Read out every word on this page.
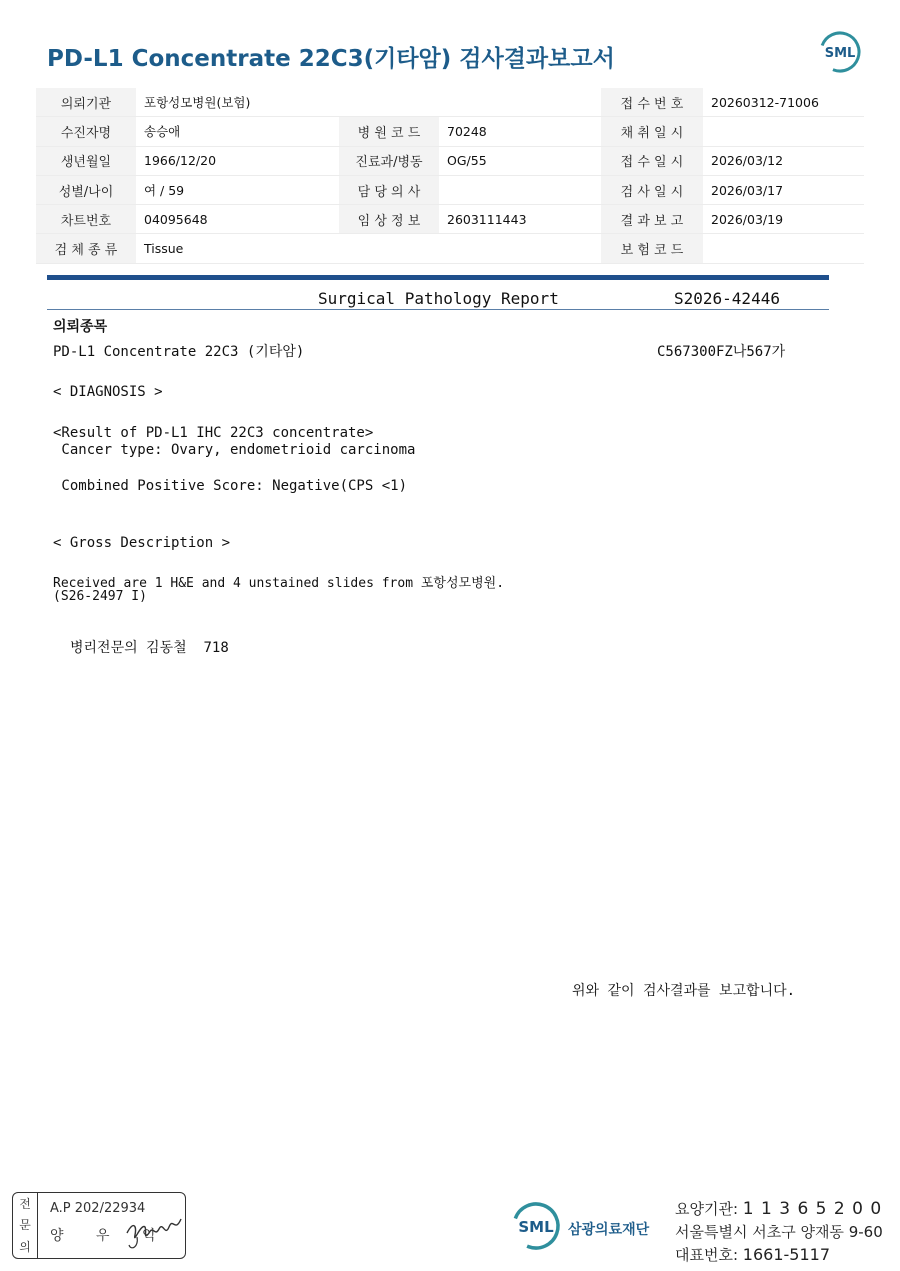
PD-L1 Concentrate 22C3(기타암) 검사결과보고서	SML
의뢰기관	포항성모병원(보험)			접 수 번 호	20260312-71006
수진자명	송승애	병 원 코 드	70248	채 취 일 시	
생년월일	1966/12/20	진료과/병동	OG/55	접 수 일 시	2026/03/12
성별/나이	여 / 59	담 당 의 사		검 사 일 시	2026/03/17
차트번호	04095648	임 상 정 보	2603111443	결 과 보 고	2026/03/19
검 체 종 류	Tissue			보 험 코 드	
Surgical Pathology Report	S2026-42446
의뢰종목
PD-L1 Concentrate 22C3 (기타암)	C567300FZ나567가
< DIAGNOSIS >
<Result of PD-L1 IHC 22C3 concentrate>
Cancer type: Ovary, endometrioid carcinoma
Combined Positive Score: Negative(CPS <1)
< Gross Description >
Received are 1 H&E and 4 unstained slides from 포항성모병원.
(S26-2497 I)
병리전문의 김동철  718
위와 같이 검사결과를 보고합니다.
전
문
의
A.P 202/22934
양 우 익	SML 삼광의료재단
요양기관: 1 1 3 6 5 2 0 0
서울특별시 서초구 양재동 9-60
대표번호: 1661-5117
